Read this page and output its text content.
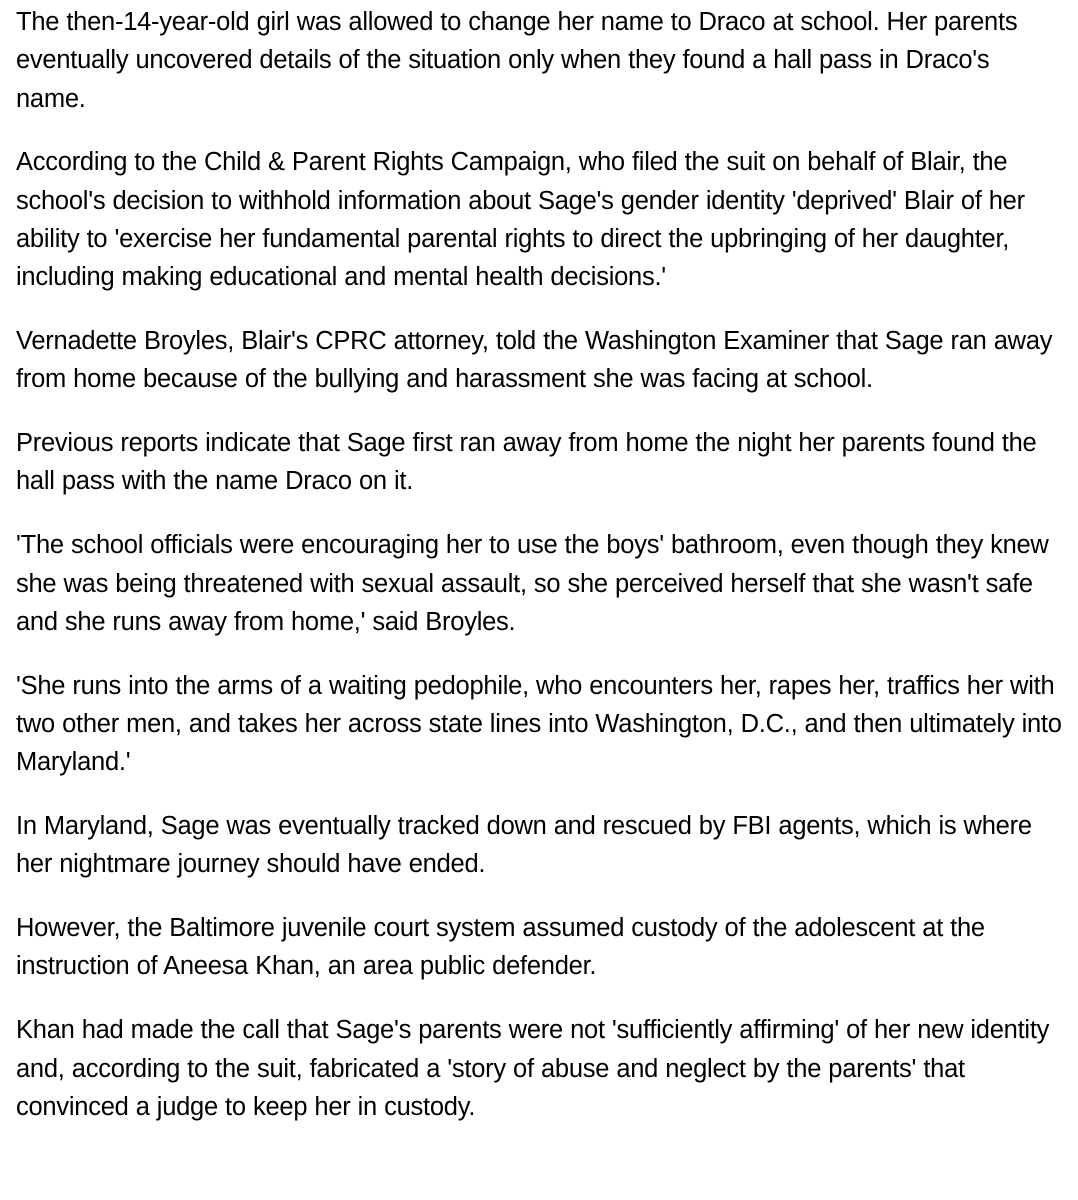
The then-14-year-old girl was allowed to change her name to Draco at school. Her parents eventually uncovered details of the situation only when they found a hall pass in Draco's name.

According to the Child & Parent Rights Campaign, who filed the suit on behalf of Blair, the school's decision to withhold information about Sage's gender identity 'deprived' Blair of her ability to 'exercise her fundamental parental rights to direct the upbringing of her daughter, including making educational and mental health decisions.'

Vernadette Broyles, Blair's CPRC attorney, told the Washington Examiner that Sage ran away from home because of the bullying and harassment she was facing at school.

Previous reports indicate that Sage first ran away from home the night her parents found the hall pass with the name Draco on it.

'The school officials were encouraging her to use the boys' bathroom, even though they knew she was being threatened with sexual assault, so she perceived herself that she wasn't safe and she runs away from home,' said Broyles.

'She runs into the arms of a waiting pedophile, who encounters her, rapes her, traffics her with two other men, and takes her across state lines into Washington, D.C., and then ultimately into Maryland.'

In Maryland, Sage was eventually tracked down and rescued by FBI agents, which is where her nightmare journey should have ended.

However, the Baltimore juvenile court system assumed custody of the adolescent at the instruction of Aneesa Khan, an area public defender.

Khan had made the call that Sage's parents were not 'sufficiently affirming' of her new identity and, according to the suit, fabricated a 'story of abuse and neglect by the parents' that convinced a judge to keep her in custody.
